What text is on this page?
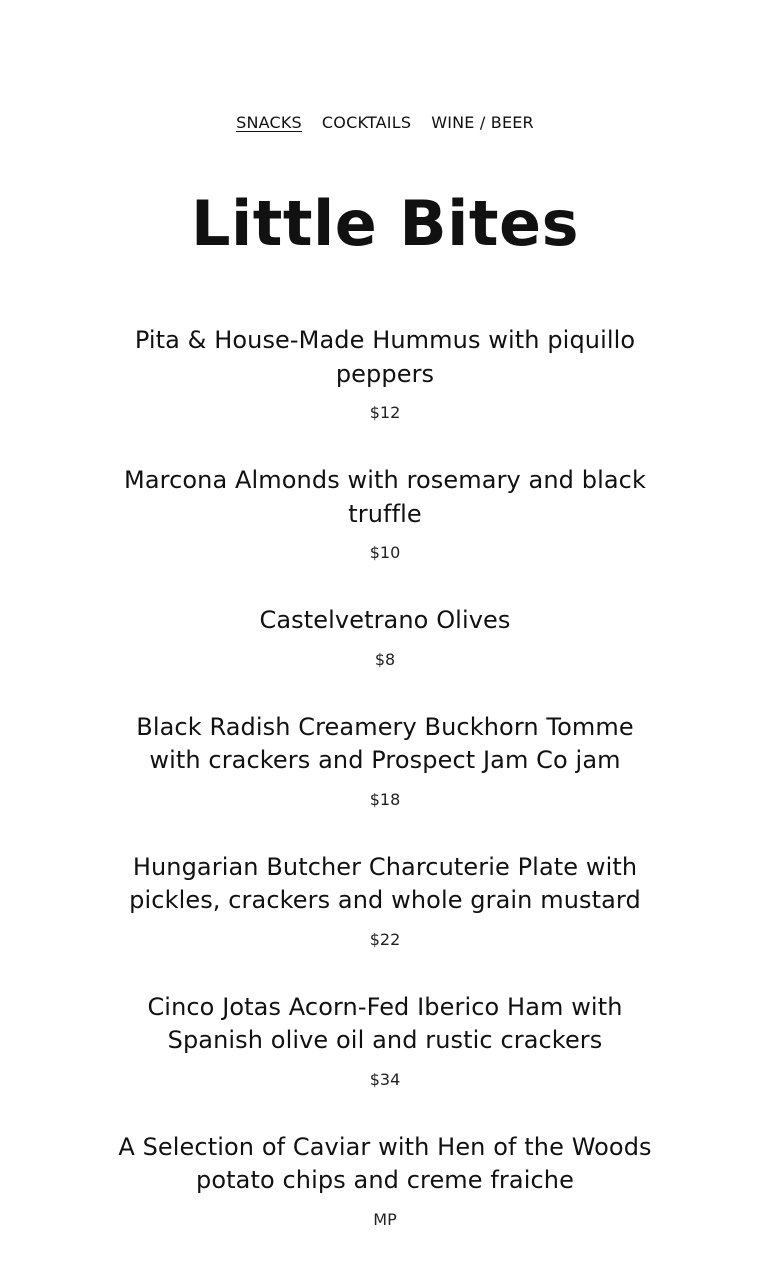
SNACKS COCKTAILS WINE / BEER
Little Bites
Pita & House-Made Hummus with piquillo peppers
$12
Marcona Almonds with rosemary and black truffle
$10
Castelvetrano Olives
$8
Black Radish Creamery Buckhorn Tomme with crackers and Prospect Jam Co jam
$18
Hungarian Butcher Charcuterie Plate with pickles, crackers and whole grain mustard
$22
Cinco Jotas Acorn-Fed Iberico Ham with Spanish olive oil and rustic crackers
$34
A Selection of Caviar with Hen of the Woods potato chips and creme fraiche
MP
